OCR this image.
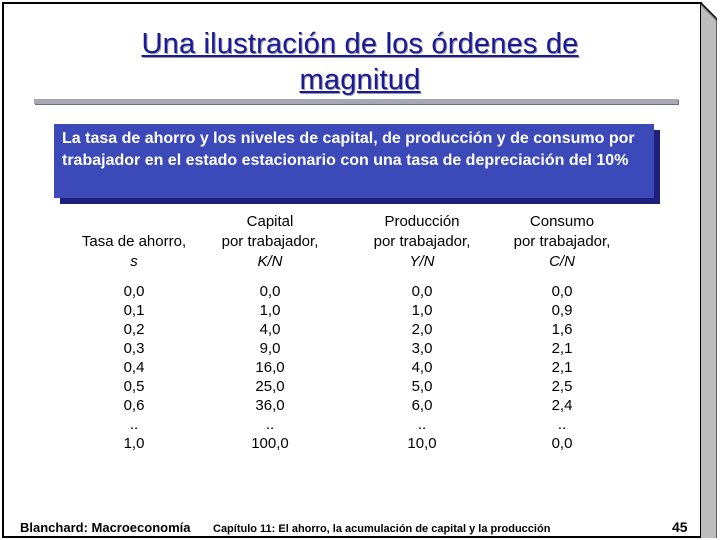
Una ilustración de los órdenes de
magnitud
La tasa de ahorro y los niveles de capital, de producción y de consumo por trabajador en el estado estacionario con una tasa de depreciación del 10%
Tasa de ahorro,
s
0,0
0,1
0,2
0,3
0,4
0,5
0,6
..
1,0
Capital
por trabajador,
K/N
0,0
1,0
4,0
9,0
16,0
25,0
36,0
..
100,0
Producción
por trabajador,
Y/N
0,0
1,0
2,0
3,0
4,0
5,0
6,0
..
10,0
Consumo
por trabajador,
C/N
0,0
0,9
1,6
2,1
2,1
2,5
2,4
..
0,0
Blanchard: Macroeconomía Capítulo 11: El ahorro, la acumulación de capital y la producción	45
